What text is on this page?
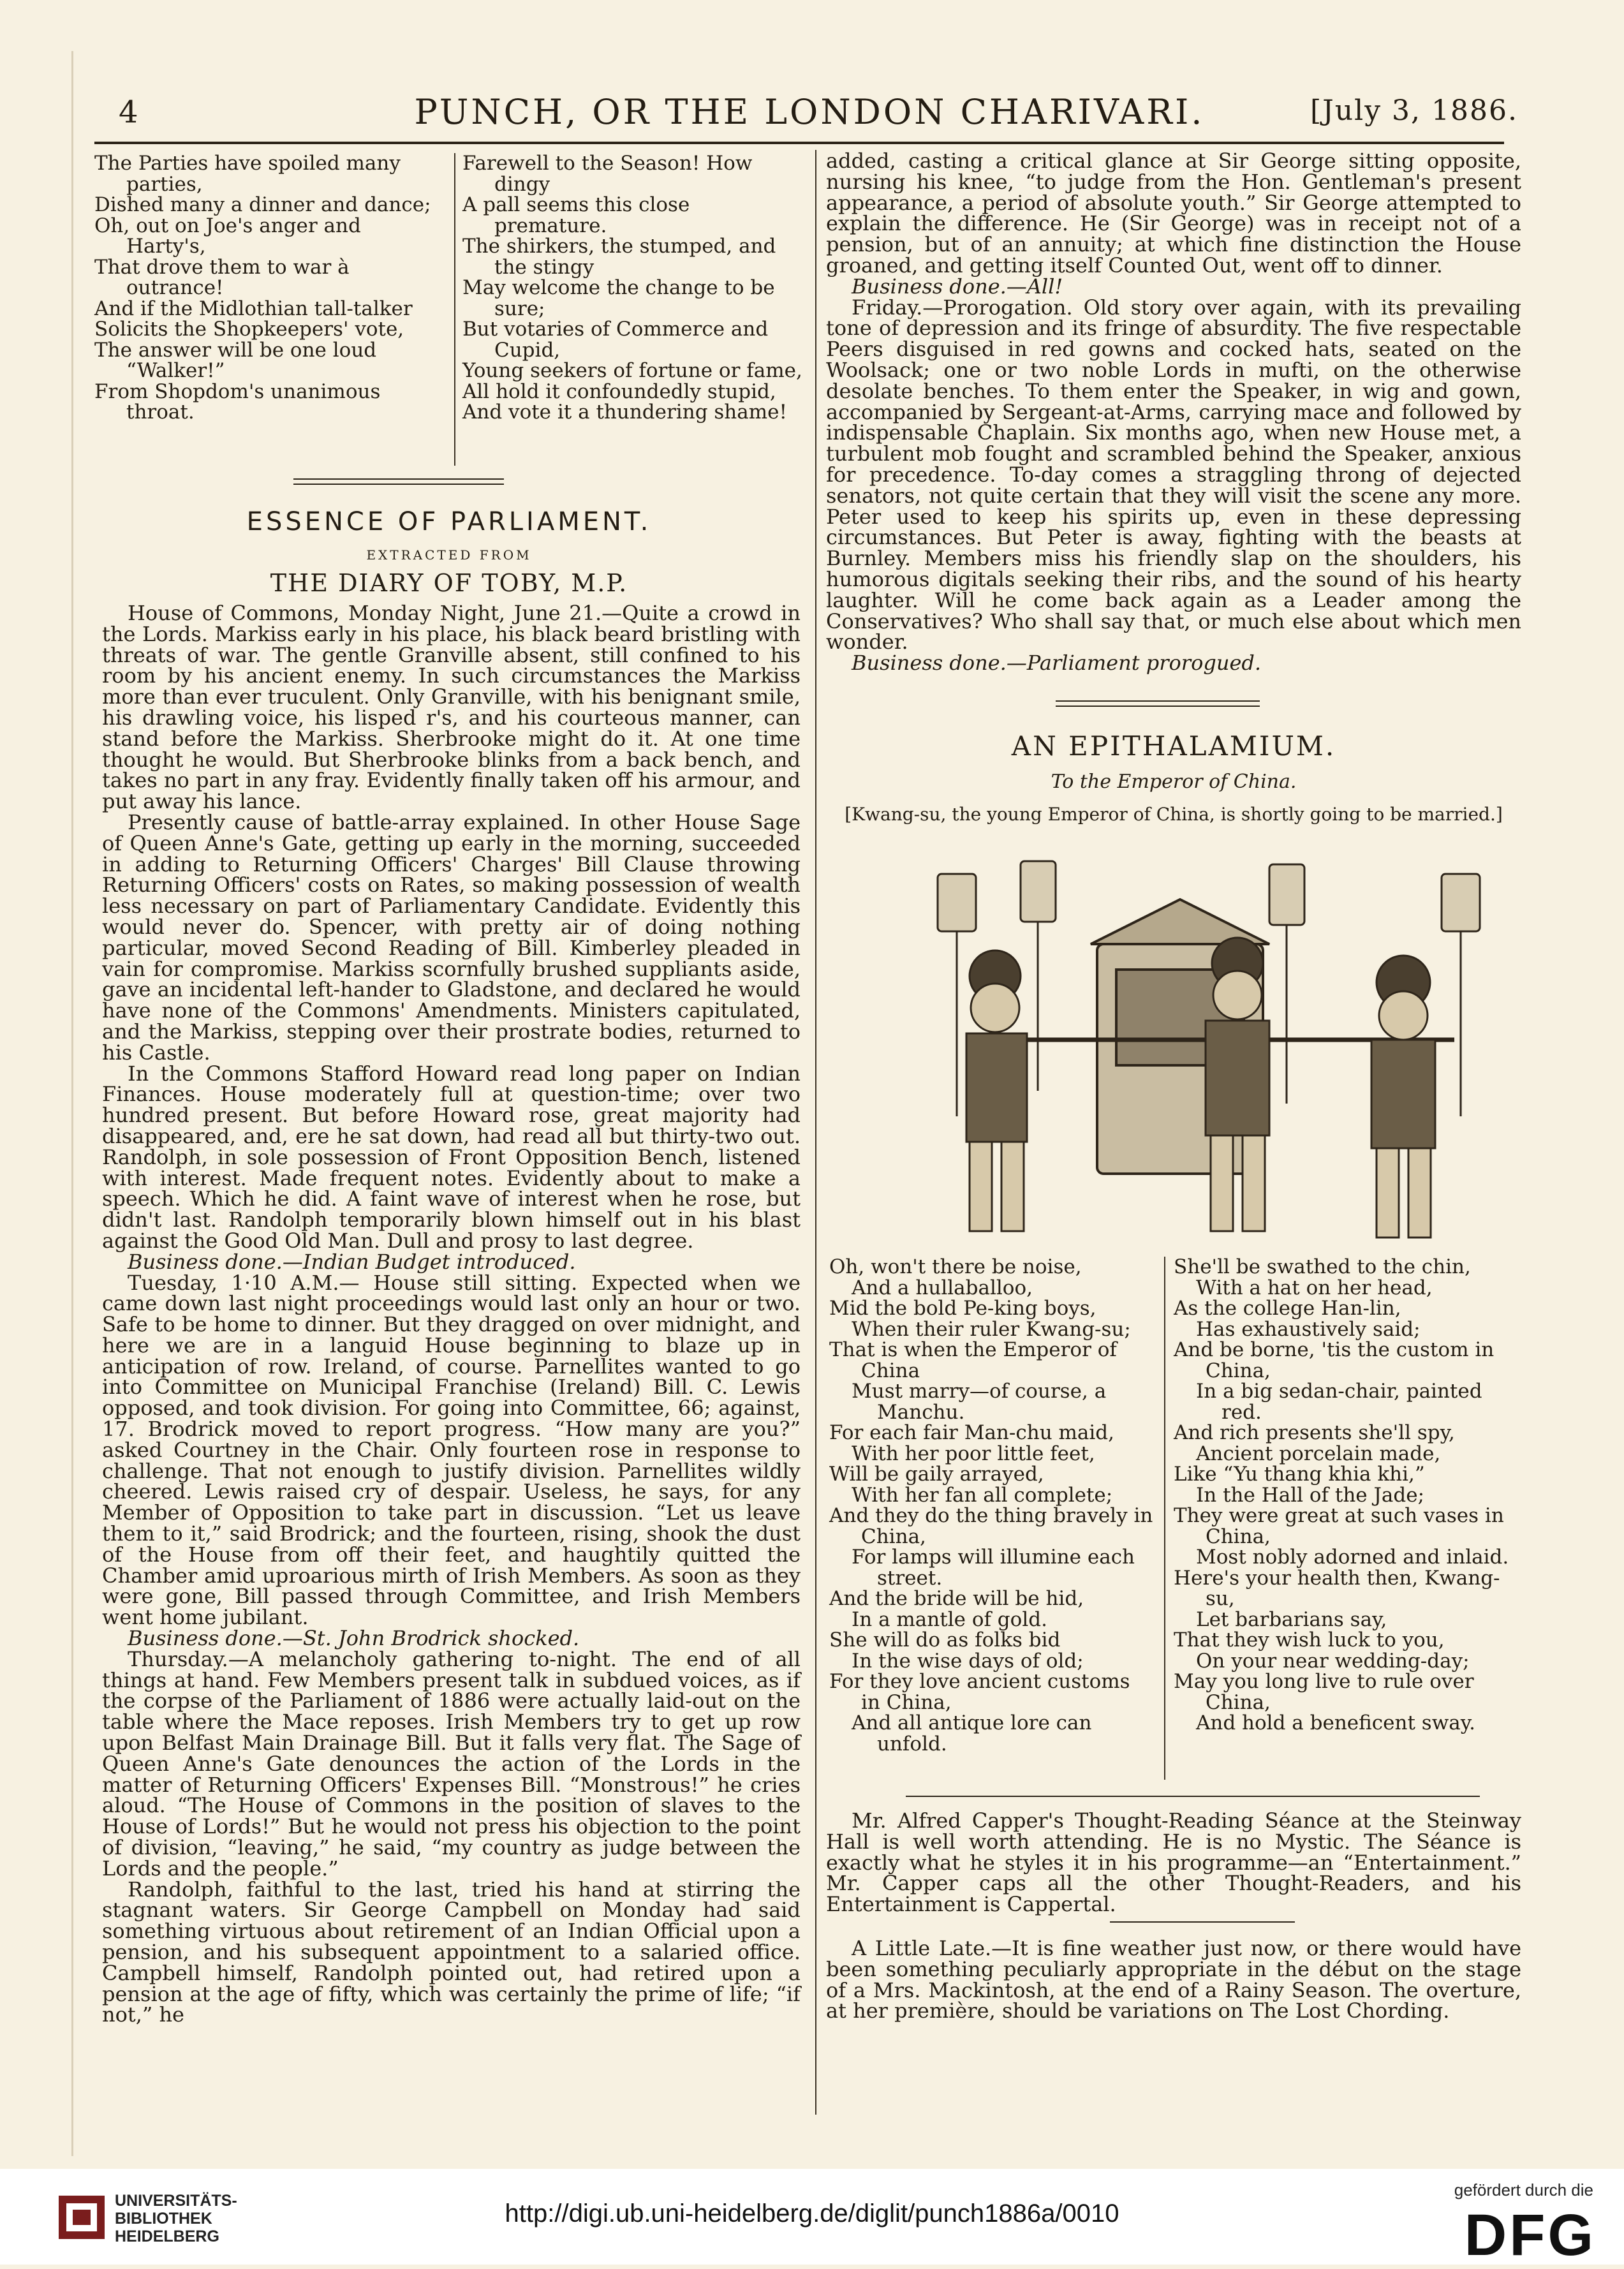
4	PUNCH, OR THE LONDON CHARIVARI.	[July 3, 1886.
The Parties have spoiled many parties,
Dished many a dinner and dance;
Oh, out on Joe's anger and Harty's,
That drove them to war à outrance!
And if the Midlothian tall-talker
Solicits the Shopkeepers' vote,
The answer will be one loud “Walker!”
From Shopdom's unanimous throat.
Farewell to the Season! How dingy
A pall seems this close premature.
The shirkers, the stumped, and the stingy
May welcome the change to be sure;
But votaries of Commerce and Cupid,
Young seekers of fortune or fame,
All hold it confoundedly stupid,
And vote it a thundering shame!
ESSENCE OF PARLIAMENT.
EXTRACTED FROM
THE DIARY OF TOBY, M.P.

House of Commons, Monday Night, June 21.—Quite a crowd in the Lords. Markiss early in his place, his black beard bristling with threats of war. The gentle Granville absent, still confined to his room by his ancient enemy. In such circumstances the Markiss more than ever truculent. Only Granville, with his benignant smile, his drawling voice, his lisped r's, and his courteous manner, can stand before the Markiss. Sherbrooke might do it. At one time thought he would. But Sherbrooke blinks from a back bench, and takes no part in any fray. Evidently finally taken off his armour, and put away his lance.

Presently cause of battle-array explained. In other House Sage of Queen Anne's Gate, getting up early in the morning, succeeded in adding to Returning Officers' Charges' Bill Clause throwing Returning Officers' costs on Rates, so making possession of wealth less necessary on part of Parliamentary Candidate. Evidently this would never do. Spencer, with pretty air of doing nothing particular, moved Second Reading of Bill. Kimberley pleaded in vain for compromise. Markiss scornfully brushed suppliants aside, gave an incidental left-hander to Gladstone, and declared he would have none of the Commons' Amendments. Ministers capitulated, and the Markiss, stepping over their prostrate bodies, returned to his Castle.

In the Commons Stafford Howard read long paper on Indian Finances. House moderately full at question-time; over two hundred present. But before Howard rose, great majority had disappeared, and, ere he sat down, had read all but thirty-two out. Randolph, in sole possession of Front Opposition Bench, listened with interest. Made frequent notes. Evidently about to make a speech. Which he did. A faint wave of interest when he rose, but didn't last. Randolph temporarily blown himself out in his blast against the Good Old Man. Dull and prosy to last degree.

Business done.—Indian Budget introduced.

Tuesday, 1·10 A.M.— House still sitting. Expected when we came down last night proceedings would last only an hour or two. Safe to be home to dinner. But they dragged on over midnight, and here we are in a languid House beginning to blaze up in anticipation of row. Ireland, of course. Parnellites wanted to go into Committee on Municipal Franchise (Ireland) Bill. C. Lewis opposed, and took division. For going into Committee, 66; against, 17. Brodrick moved to report progress. “How many are you?” asked Courtney in the Chair. Only fourteen rose in response to challenge. That not enough to justify division. Parnellites wildly cheered. Lewis raised cry of despair. Useless, he says, for any Member of Opposition to take part in discussion. “Let us leave them to it,” said Brodrick; and the fourteen, rising, shook the dust of the House from off their feet, and haughtily quitted the Chamber amid uproarious mirth of Irish Members. As soon as they were gone, Bill passed through Committee, and Irish Members went home jubilant.

Business done.—St. John Brodrick shocked.

Thursday.—A melancholy gathering to-night. The end of all things at hand. Few Members present talk in subdued voices, as if the corpse of the Parliament of 1886 were actually laid-out on the table where the Mace reposes. Irish Members try to get up row upon Belfast Main Drainage Bill. But it falls very flat. The Sage of Queen Anne's Gate denounces the action of the Lords in the matter of Returning Officers' Expenses Bill. “Monstrous!” he cries aloud. “The House of Commons in the position of slaves to the House of Lords!” But he would not press his objection to the point of division, “leaving,” he said, “my country as judge between the Lords and the people.”

Randolph, faithful to the last, tried his hand at stirring the stagnant waters. Sir George Campbell on Monday had said something virtuous about retirement of an Indian Official upon a pension, and his subsequent appointment to a salaried office. Campbell himself, Randolph pointed out, had retired upon a pension at the age of fifty, which was certainly the prime of life; “if not,” he

added, casting a critical glance at Sir George sitting opposite, nursing his knee, “to judge from the Hon. Gentleman's present appearance, a period of absolute youth.” Sir George attempted to explain the difference. He (Sir George) was in receipt not of a pension, but of an annuity; at which fine distinction the House groaned, and getting itself Counted Out, went off to dinner.

Business done.—All!

Friday.—Prorogation. Old story over again, with its prevailing tone of depression and its fringe of absurdity. The five respectable Peers disguised in red gowns and cocked hats, seated on the Woolsack; one or two noble Lords in mufti, on the otherwise desolate benches. To them enter the Speaker, in wig and gown, accompanied by Sergeant-at-Arms, carrying mace and followed by indispensable Chaplain. Six months ago, when new House met, a turbulent mob fought and scrambled behind the Speaker, anxious for precedence. To-day comes a straggling throng of dejected senators, not quite certain that they will visit the scene any more. Peter used to keep his spirits up, even in these depressing circumstances. But Peter is away, fighting with the beasts at Burnley. Members miss his friendly slap on the shoulders, his humorous digitals seeking their ribs, and the sound of his hearty laughter. Will he come back again as a Leader among the Conservatives? Who shall say that, or much else about which men wonder.

Business done.—Parliament prorogued.

AN EPITHALAMIUM.
To the Emperor of China.
[Kwang-su, the young Emperor of China, is shortly going to be married.]
Oh, won't there be noise,
And a hullaballoo,
Mid the bold Pe-king boys,
When their ruler Kwang-su;
That is when the Emperor of China
Must marry—of course, a Manchu.
For each fair Man-chu maid,
With her poor little feet,
Will be gaily arrayed,
With her fan all complete;
And they do the thing bravely in China,
For lamps will illumine each street.
And the bride will be hid,
In a mantle of gold.
She will do as folks bid
In the wise days of old;
For they love ancient customs in China,
And all antique lore can unfold.
She'll be swathed to the chin,
With a hat on her head,
As the college Han-lin,
Has exhaustively said;
And be borne, 'tis the custom in China,
In a big sedan-chair, painted red.
And rich presents she'll spy,
Ancient porcelain made,
Like “Yu thang khia khi,”
In the Hall of the Jade;
They were great at such vases in China,
Most nobly adorned and inlaid.
Here's your health then, Kwang-su,
Let barbarians say,
That they wish luck to you,
On your near wedding-day;
May you long live to rule over China,
And hold a beneficent sway.

Mr. Alfred Capper's Thought-Reading Séance at the Steinway Hall is well worth attending. He is no Mystic. The Séance is exactly what he styles it in his programme—an “Entertainment.” Mr. Capper caps all the other Thought-Readers, and his Entertainment is Cappertal.

A Little Late.—It is fine weather just now, or there would have been something peculiarly appropriate in the début on the stage of a Mrs. Mackintosh, at the end of a Rainy Season. The overture, at her première, should be variations on The Lost Chording.

UNIVERSITÄTS-
BIBLIOTHEK
HEIDELBERG
http://digi.ub.uni-heidelberg.de/diglit/punch1886a/0010
gefördert durch die
DFG
